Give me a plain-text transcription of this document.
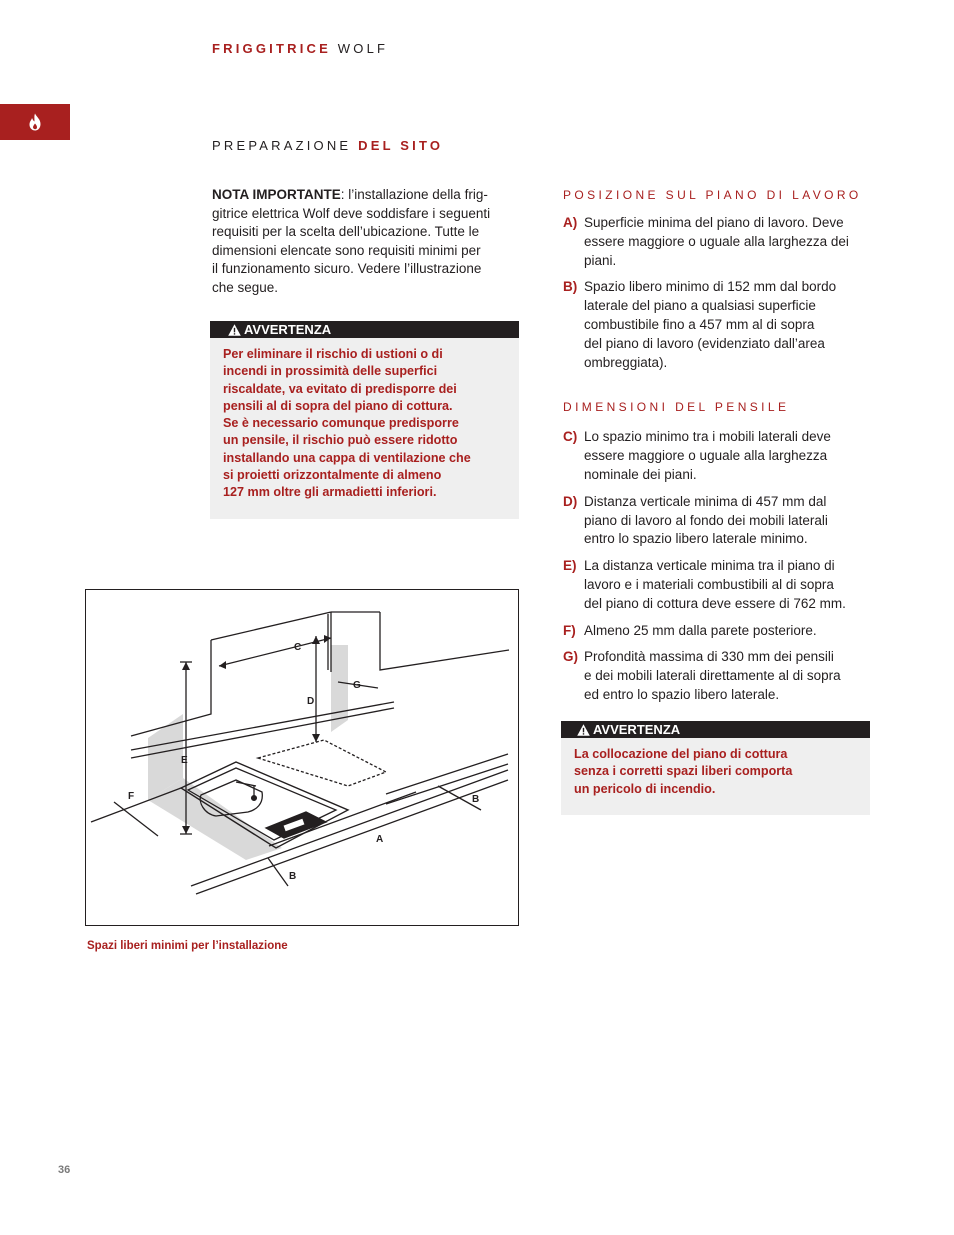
FRIGGITRICE WOLF
PREPARAZIONE DEL SITO
NOTA IMPORTANTE: l’installazione della frig-
gitrice elettrica Wolf deve soddisfare i seguenti
requisiti per la scelta dell’ubicazione. Tutte le
dimensioni elencate sono requisiti minimi per
il funzionamento sicuro. Vedere l’illustrazione
che segue.
AVVERTENZA
Per eliminare il rischio di ustioni o di
incendi in prossimità delle superfici
riscaldate, va evitato di predisporre dei
pensili al di sopra del piano di cottura.
Se è necessario comunque predisporre
un pensile, il rischio può essere ridotto
installando una cappa di ventilazione che
si proietti orizzontalmente di almeno
127 mm oltre gli armadietti inferiori.
POSIZIONE SUL PIANO DI LAVORO
A) Superficie minima del piano di lavoro. Deve
essere maggiore o uguale alla larghezza dei
piani.
B) Spazio libero minimo di 152 mm dal bordo
laterale del piano a qualsiasi superficie
combustibile fino a 457 mm al di sopra
del piano di lavoro (evidenziato dall’area
ombreggiata).
DIMENSIONI DEL PENSILE
C) Lo spazio minimo tra i mobili laterali deve
essere maggiore o uguale alla larghezza
nominale dei piani.
D) Distanza verticale minima di 457 mm dal
piano di lavoro al fondo dei mobili laterali
entro lo spazio libero laterale minimo.
E) La distanza verticale minima tra il piano di
lavoro e i materiali combustibili al di sopra
del piano di cottura deve essere di 762 mm.
F) Almeno 25 mm dalla parete posteriore.
G) Profondità massima di 330 mm dei pensili
e dei mobili laterali direttamente al di sopra
ed entro lo spazio libero laterale.
AVVERTENZA
La collocazione del piano di cottura
senza i corretti spazi liberi comporta
un pericolo di incendio.
C
G
D
E
F	B
A
B
Spazi liberi minimi per l’installazione
36
